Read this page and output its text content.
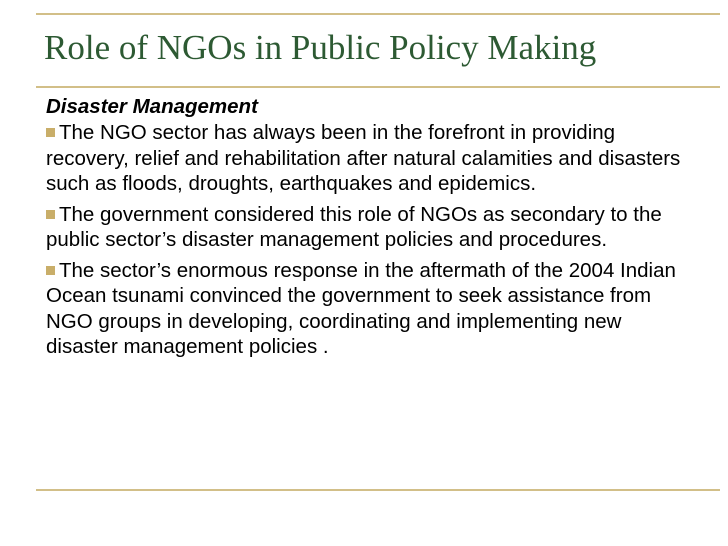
Role of NGOs in Public Policy Making
Disaster Management
The NGO sector has always been in the forefront in providing recovery, relief and rehabilitation after natural calamities and disasters such as floods, droughts, earthquakes and epidemics.
The government considered this role of NGOs as secondary to the public sector’s disaster management policies and procedures.
The sector’s enormous response in the aftermath of the 2004 Indian Ocean tsunami convinced the government to seek assistance from NGO groups in developing, coordinating and implementing new disaster management policies .
